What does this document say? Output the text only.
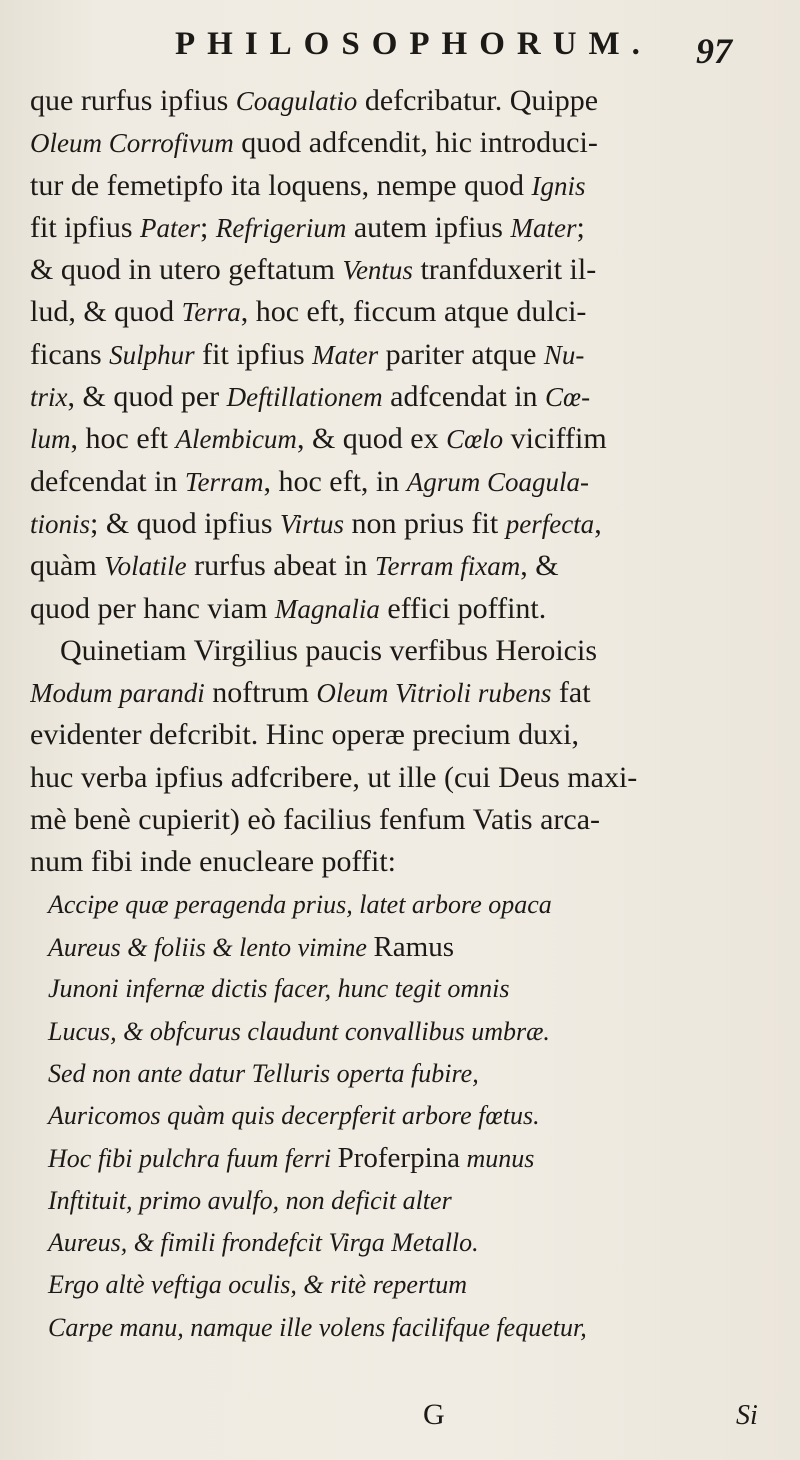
PHILOSOPHORUM. 97
que rurfus ipfius Coagulatio defcribatur. Quippe
Oleum Corrofivum quod adfcendit, hic introduci-
tur de femetipfo ita loquens, nempe quod Ignis
fit ipfius Pater; Refrigerium autem ipfius Mater;
& quod in utero geftatum Ventus tranfduxerit il-
lud, & quod Terra, hoc eft, ficcum atque dulci-
ficans Sulphur fit ipfius Mater pariter atque Nu-
trix, & quod per Deftillationem adfcendat in Cœ-
lum, hoc eft Alembicum, & quod ex Cœlo viciffim
defcendat in Terram, hoc eft, in Agrum Coagula-
tionis; & quod ipfius Virtus non prius fit perfecta,
quàm Volatile rurfus abeat in Terram fixam, &
quod per hanc viam Magnalia effici poffint.
Quinetiam Virgilius paucis verfibus Heroicis
Modum parandi noftrum Oleum Vitrioli rubens fat
evidenter defcribit. Hinc operæ precium duxi,
huc verba ipfius adfcribere, ut ille (cui Deus maxi-
mè benè cupierit) eò facilius fenfum Vatis arca-
num fibi inde enucleare poffit:
Accipe quæ peragenda prius, latet arbore opaca
Aureus & foliis & lento vimine Ramus
Junoni infernæ dictis facer, hunc tegit omnis
Lucus, & obfcurus claudunt convallibus umbræ.
Sed non ante datur Telluris operta fubire,
Auricomos quàm quis decerpferit arbore fœtus.
Hoc fibi pulchra fuum ferri Proferpina munus
Inftituit, primo avulfo, non deficit alter
Aureus, & fimili frondefcit Virga Metallo.
Ergo altè veftiga oculis, & ritè repertum
Carpe manu, namque ille volens facilifque fequetur,
G	Si
